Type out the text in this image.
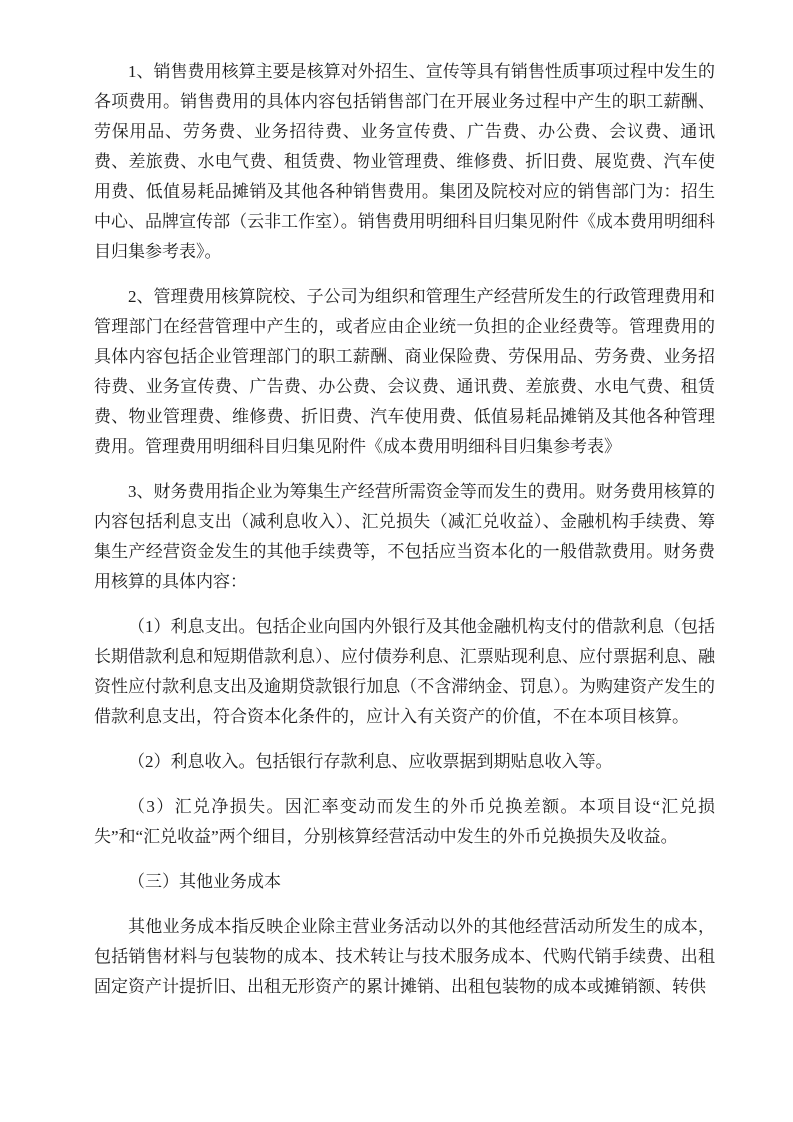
1、销售费用核算主要是核算对外招生、宣传等具有销售性质事项过程中发生的各项费用。销售费用的具体内容包括销售部门在开展业务过程中产生的职工薪酬、劳保用品、劳务费、业务招待费、业务宣传费、广告费、办公费、会议费、通讯费、差旅费、水电气费、租赁费、物业管理费、维修费、折旧费、展览费、汽车使用费、低值易耗品摊销及其他各种销售费用。集团及院校对应的销售部门为：招生中心、品牌宣传部（云非工作室）。销售费用明细科目归集见附件《成本费用明细科目归集参考表》。

2、管理费用核算院校、子公司为组织和管理生产经营所发生的行政管理费用和管理部门在经营管理中产生的，或者应由企业统一负担的企业经费等。管理费用的具体内容包括企业管理部门的职工薪酬、商业保险费、劳保用品、劳务费、业务招待费、业务宣传费、广告费、办公费、会议费、通讯费、差旅费、水电气费、租赁费、物业管理费、维修费、折旧费、汽车使用费、低值易耗品摊销及其他各种管理费用。管理费用明细科目归集见附件《成本费用明细科目归集参考表》

3、财务费用指企业为筹集生产经营所需资金等而发生的费用。财务费用核算的内容包括利息支出（减利息收入）、汇兑损失（减汇兑收益）、金融机构手续费、筹集生产经营资金发生的其他手续费等，不包括应当资本化的一般借款费用。财务费用核算的具体内容：

（1）利息支出。包括企业向国内外银行及其他金融机构支付的借款利息（包括长期借款利息和短期借款利息）、应付债券利息、汇票贴现利息、应付票据利息、融资性应付款利息支出及逾期贷款银行加息（不含滞纳金、罚息）。为购建资产发生的借款利息支出，符合资本化条件的，应计入有关资产的价值，不在本项目核算。

（2）利息收入。包括银行存款利息、应收票据到期贴息收入等。

（3）汇兑净损失。因汇率变动而发生的外币兑换差额。本项目设“汇兑损失”和“汇兑收益”两个细目，分别核算经营活动中发生的外币兑换损失及收益。

（三）其他业务成本

其他业务成本指反映企业除主营业务活动以外的其他经营活动所发生的成本，包括销售材料与包装物的成本、技术转让与技术服务成本、代购代销手续费、出租固定资产计提折旧、出租无形资产的累计摊销、出租包装物的成本或摊销额、转供
